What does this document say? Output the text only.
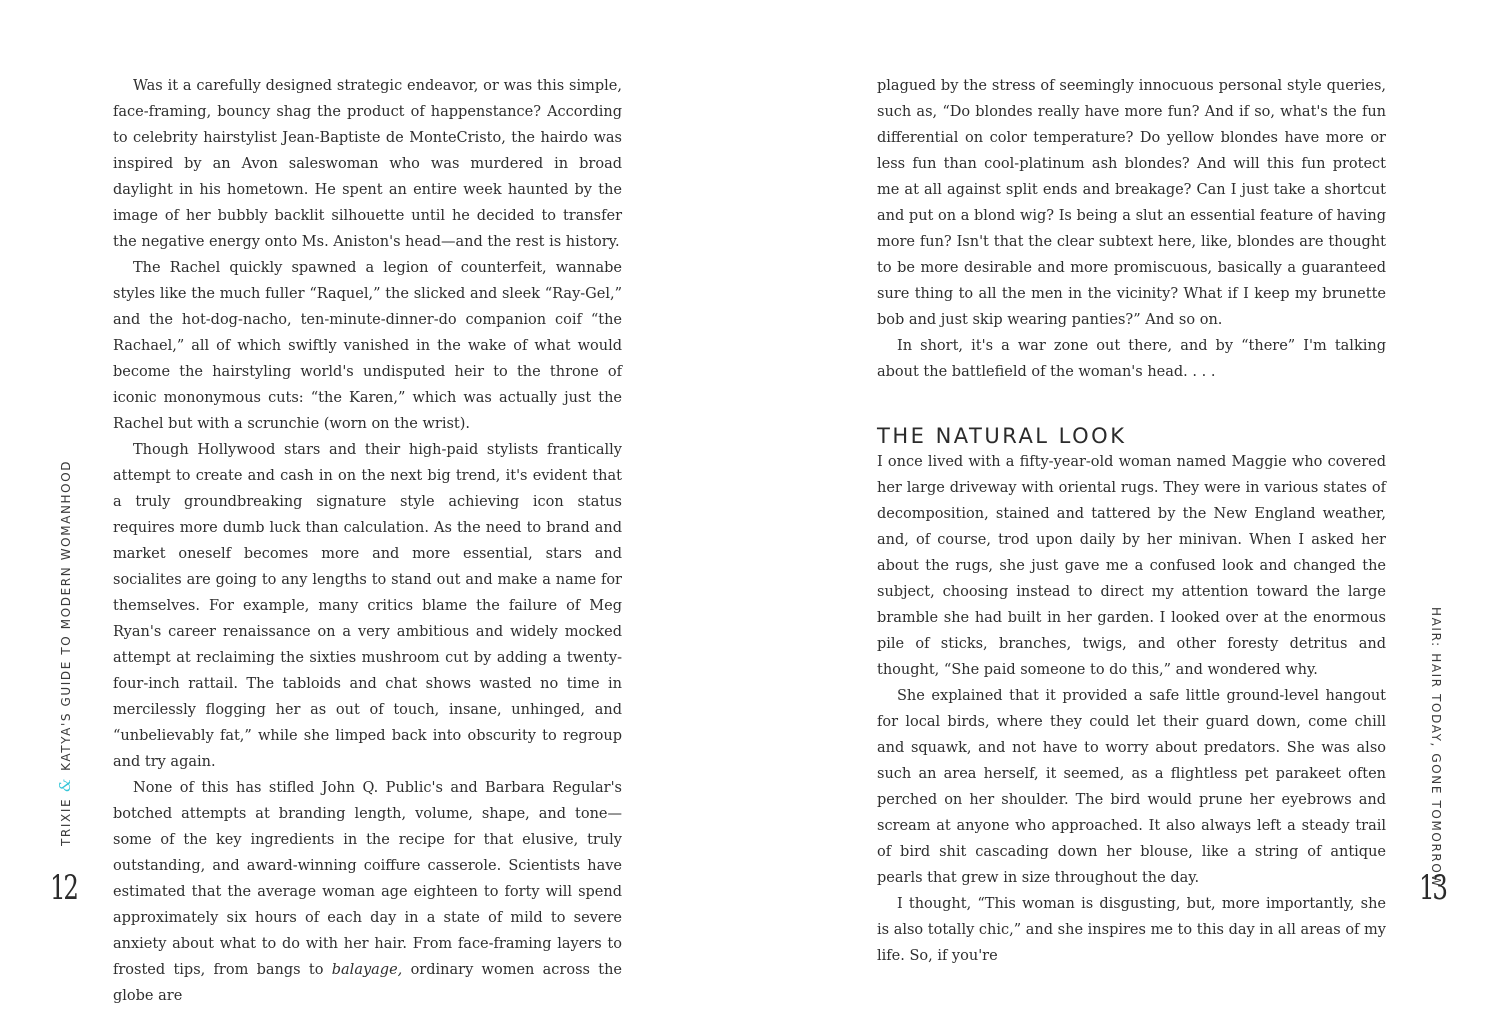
TRIXIE&KATYA'S GUIDE TO MODERN WOMANHOOD
12

Was it a carefully designed strategic endeavor, or was this simple, face-framing, bouncy shag the product of happenstance? According to celebrity hairstylist Jean-Baptiste de MonteCristo, the hairdo was inspired by an Avon saleswoman who was murdered in broad daylight in his hometown. He spent an entire week haunted by the image of her bubbly backlit silhouette until he decided to transfer the negative energy onto Ms. Aniston's head—and the rest is history.

The Rachel quickly spawned a legion of counterfeit, wannabe styles like the much fuller “Raquel,” the slicked and sleek “Ray-Gel,” and the hot-dog-nacho, ten-minute-dinner-do companion coif “the Rachael,” all of which swiftly vanished in the wake of what would become the hairstyling world's undisputed heir to the throne of iconic mononymous cuts: “the Karen,” which was actually just the Rachel but with a scrunchie (worn on the wrist).

Though Hollywood stars and their high-paid stylists frantically attempt to create and cash in on the next big trend, it's evident that a truly groundbreaking signature style achieving icon status requires more dumb luck than calculation. As the need to brand and market oneself becomes more and more essential, stars and socialites are going to any lengths to stand out and make a name for themselves. For example, many critics blame the failure of Meg Ryan's career renaissance on a very ambitious and widely mocked attempt at reclaiming the sixties mushroom cut by adding a twenty-four-inch rattail. The tabloids and chat shows wasted no time in mercilessly flogging her as out of touch, insane, unhinged, and “unbelievably fat,” while she limped back into obscurity to regroup and try again.

None of this has stifled John Q. Public's and Barbara Regular's botched attempts at branding length, volume, shape, and tone—some of the key ingredients in the recipe for that elusive, truly outstanding, and award-winning coiffure casserole. Scientists have estimated that the average woman age eighteen to forty will spend approximately six hours of each day in a state of mild to severe anxiety about what to do with her hair. From face-framing layers to frosted tips, from bangs to balayage, ordinary women across the globe are

plagued by the stress of seemingly innocuous personal style queries, such as, “Do blondes really have more fun? And if so, what's the fun differential on color temperature? Do yellow blondes have more or less fun than cool-platinum ash blondes? And will this fun protect me at all against split ends and breakage? Can I just take a shortcut and put on a blond wig? Is being a slut an essential feature of having more fun? Isn't that the clear subtext here, like, blondes are thought to be more desirable and more promiscuous, basically a guaranteed sure thing to all the men in the vicinity? What if I keep my brunette bob and just skip wearing panties?” And so on.

In short, it's a war zone out there, and by “there” I'm talking about the battlefield of the woman's head. . . .

THE NATURAL LOOK

I once lived with a fifty-year-old woman named Maggie who covered her large driveway with oriental rugs. They were in various states of decomposition, stained and tattered by the New England weather, and, of course, trod upon daily by her minivan. When I asked her about the rugs, she just gave me a confused look and changed the subject, choosing instead to direct my attention toward the large bramble she had built in her garden. I looked over at the enormous pile of sticks, branches, twigs, and other foresty detritus and thought, “She paid someone to do this,” and wondered why.

She explained that it provided a safe little ground-level hangout for local birds, where they could let their guard down, come chill and squawk, and not have to worry about predators. She was also such an area herself, it seemed, as a flightless pet parakeet often perched on her shoulder. The bird would prune her eyebrows and scream at anyone who approached. It also always left a steady trail of bird shit cascading down her blouse, like a string of antique pearls that grew in size throughout the day.

I thought, “This woman is disgusting, but, more importantly, she is also totally chic,” and she inspires me to this day in all areas of my life. So, if you're

HAIR: HAIR TODAY, GONE TOMORROW
13
